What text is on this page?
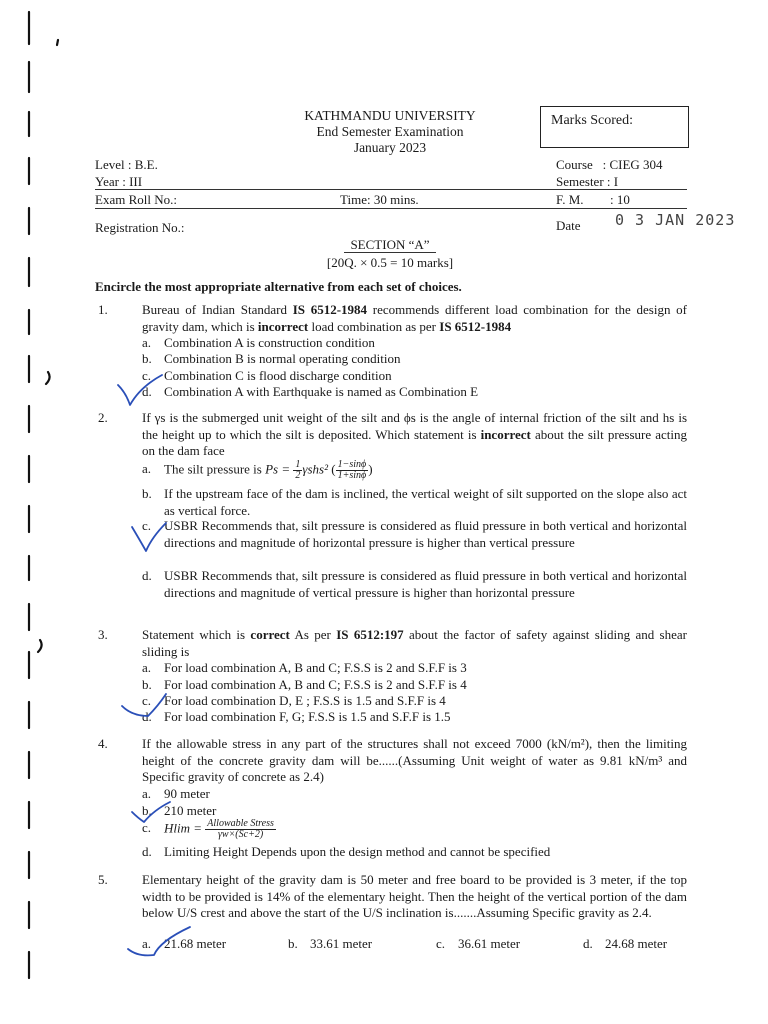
KATHMANDU UNIVERSITY
End Semester Examination
January 2023
Marks Scored:
Level : B.E.
Year : III
Exam Roll No.:	Time: 30 mins.
Registration No.:
Course   : CIEG 304
Semester : I
F. M. : 10
Date 0 3 JAN 2023
SECTION “A”
[20Q. × 0.5 = 10 marks]
Encircle the most appropriate alternative from each set of choices.
1.	Bureau of Indian Standard IS 6512-1984 recommends different load combination for the design of gravity dam, which is incorrect load combination as per IS 6512-1984
a. Combination A is construction condition
b. Combination B is normal operating condition
c. Combination C is flood discharge condition
d. Combination A with Earthquake is named as Combination E
2.	If γs is the submerged unit weight of the silt and ϕs is the angle of internal friction of the silt and hs is the height up to which the silt is deposited. Which statement is incorrect about the silt pressure acting on the dam face
a. The silt pressure is $Ps = \frac{1}{2} \gamma shs^2$ ( $\frac{1-\sin\phi}{1+\sin\phi}$ )
b. If the upstream face of the dam is inclined, the vertical weight of silt supported on the slope also act as vertical force.
c. USBR Recommends that, silt pressure is considered as fluid pressure in both vertical and horizontal directions and magnitude of horizontal pressure is higher than vertical pressure
d. USBR Recommends that, silt pressure is considered as fluid pressure in both vertical and horizontal directions and magnitude of vertical pressure is higher than horizontal pressure
3.	Statement which is correct As per IS 6512:197 about the factor of safety against sliding and shear sliding is
a. For load combination A, B and C; F.S.S is 2 and S.F.F is 3
b. For load combination A, B and C; F.S.S is 2 and S.F.F is 4
c. For load combination D, E ; F.S.S is 1.5 and S.F.F is 4
d. For load combination F, G; F.S.S is 1.5 and S.F.F is 1.5
4.	If the allowable stress in any part of the structures shall not exceed 7000 (kN/m²), then the limiting height of the concrete gravity dam will be......(Assuming Unit weight of water as 9.81 kN/m³ and Specific gravity of concrete as 2.4)
a. 90 meter
b. 210 meter
c. $Hlim = \frac{\text{Allowable Stress}}{\gamma w\times(Sc+2)}$
d. Limiting Height Depends upon the design method and cannot be specified
5.	Elementary height of the gravity dam is 50 meter and free board to be provided is 3 meter, if the top width to be provided is 14% of the elementary height. Then the height of the vertical portion of the dam below U/S crest and above the start of the U/S inclination is.......Assuming Specific gravity as 2.4.
a. 21.68 meter	b. 33.61 meter	c. 36.61 meter	d. 24.68 meter
